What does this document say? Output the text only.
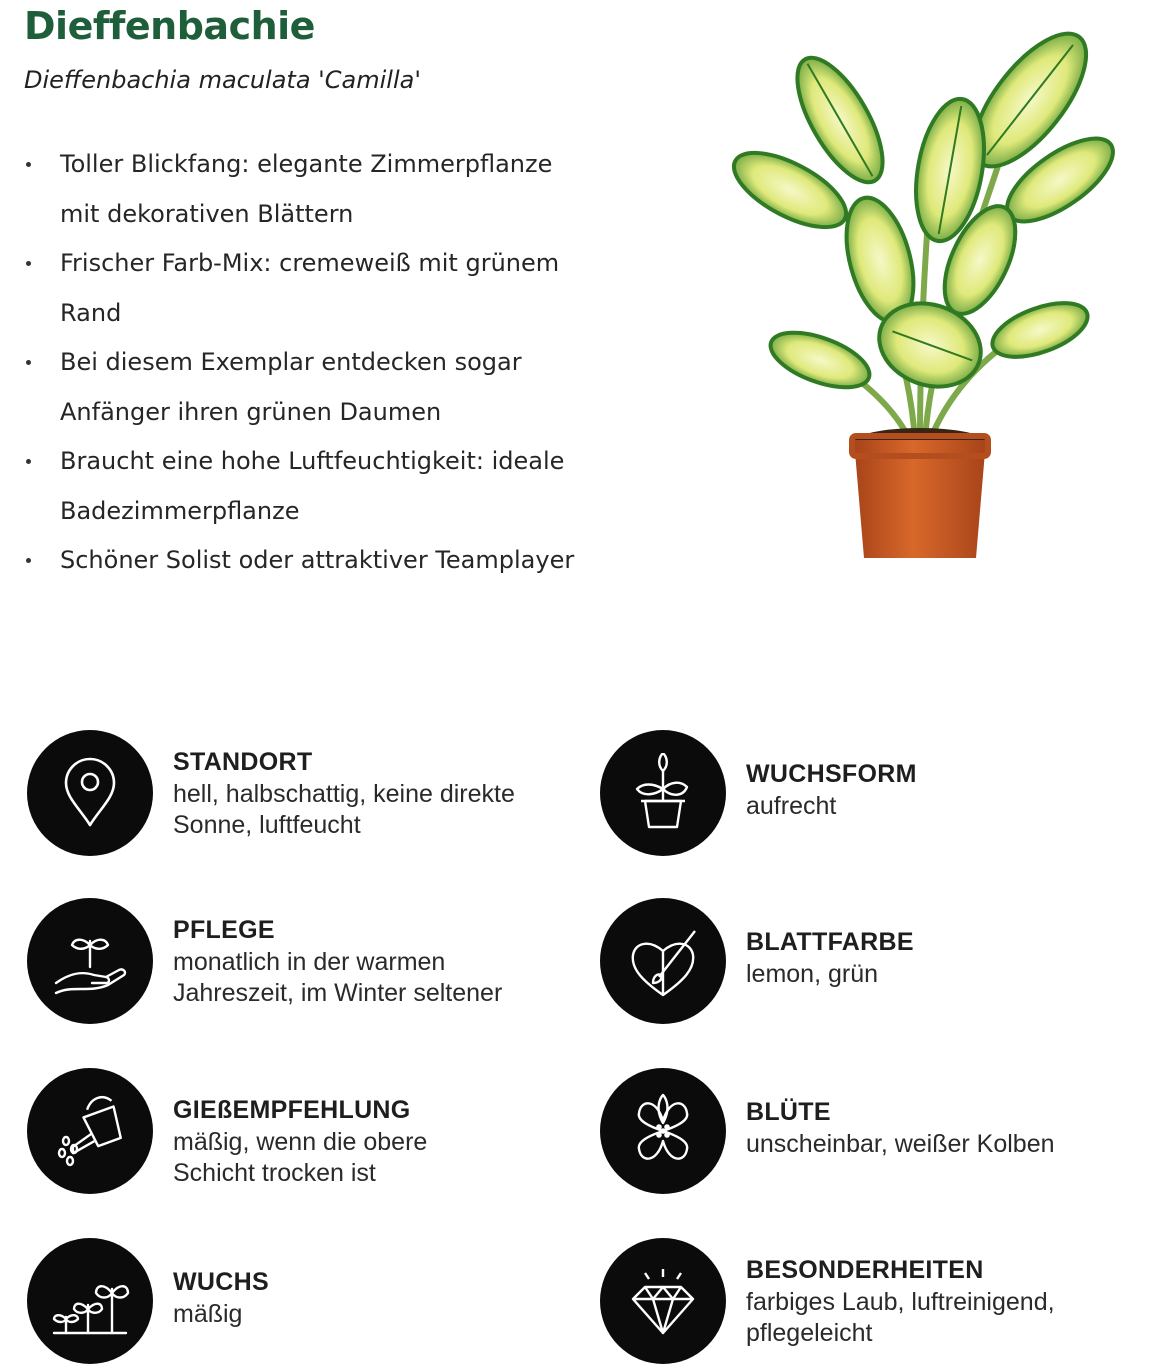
Dieffenbachie

Dieffenbachia maculata 'Camilla'

Toller Blickfang: elegante Zimmerpflanze mit dekorativen Blättern
Frischer Farb-Mix: cremeweiß mit grünem Rand
Bei diesem Exemplar entdecken sogar Anfänger ihren grünen Daumen
Braucht eine hohe Luftfeuchtigkeit: ideale Badezimmerpflanze
Schöner Solist oder attraktiver Teamplayer
STANDORT
hell, halbschattig, keine direkte
Sonne, luftfeucht
WUCHSFORM
aufrecht
PFLEGE
monatlich in der warmen
Jahreszeit, im Winter seltener
BLATTFARBE
lemon, grün
GIEßEMPFEHLUNG
mäßig, wenn die obere
Schicht trocken ist
BLÜTE
unscheinbar, weißer Kolben
WUCHS
mäßig
BESONDERHEITEN
farbiges Laub, luftreinigend,
pflegeleicht
